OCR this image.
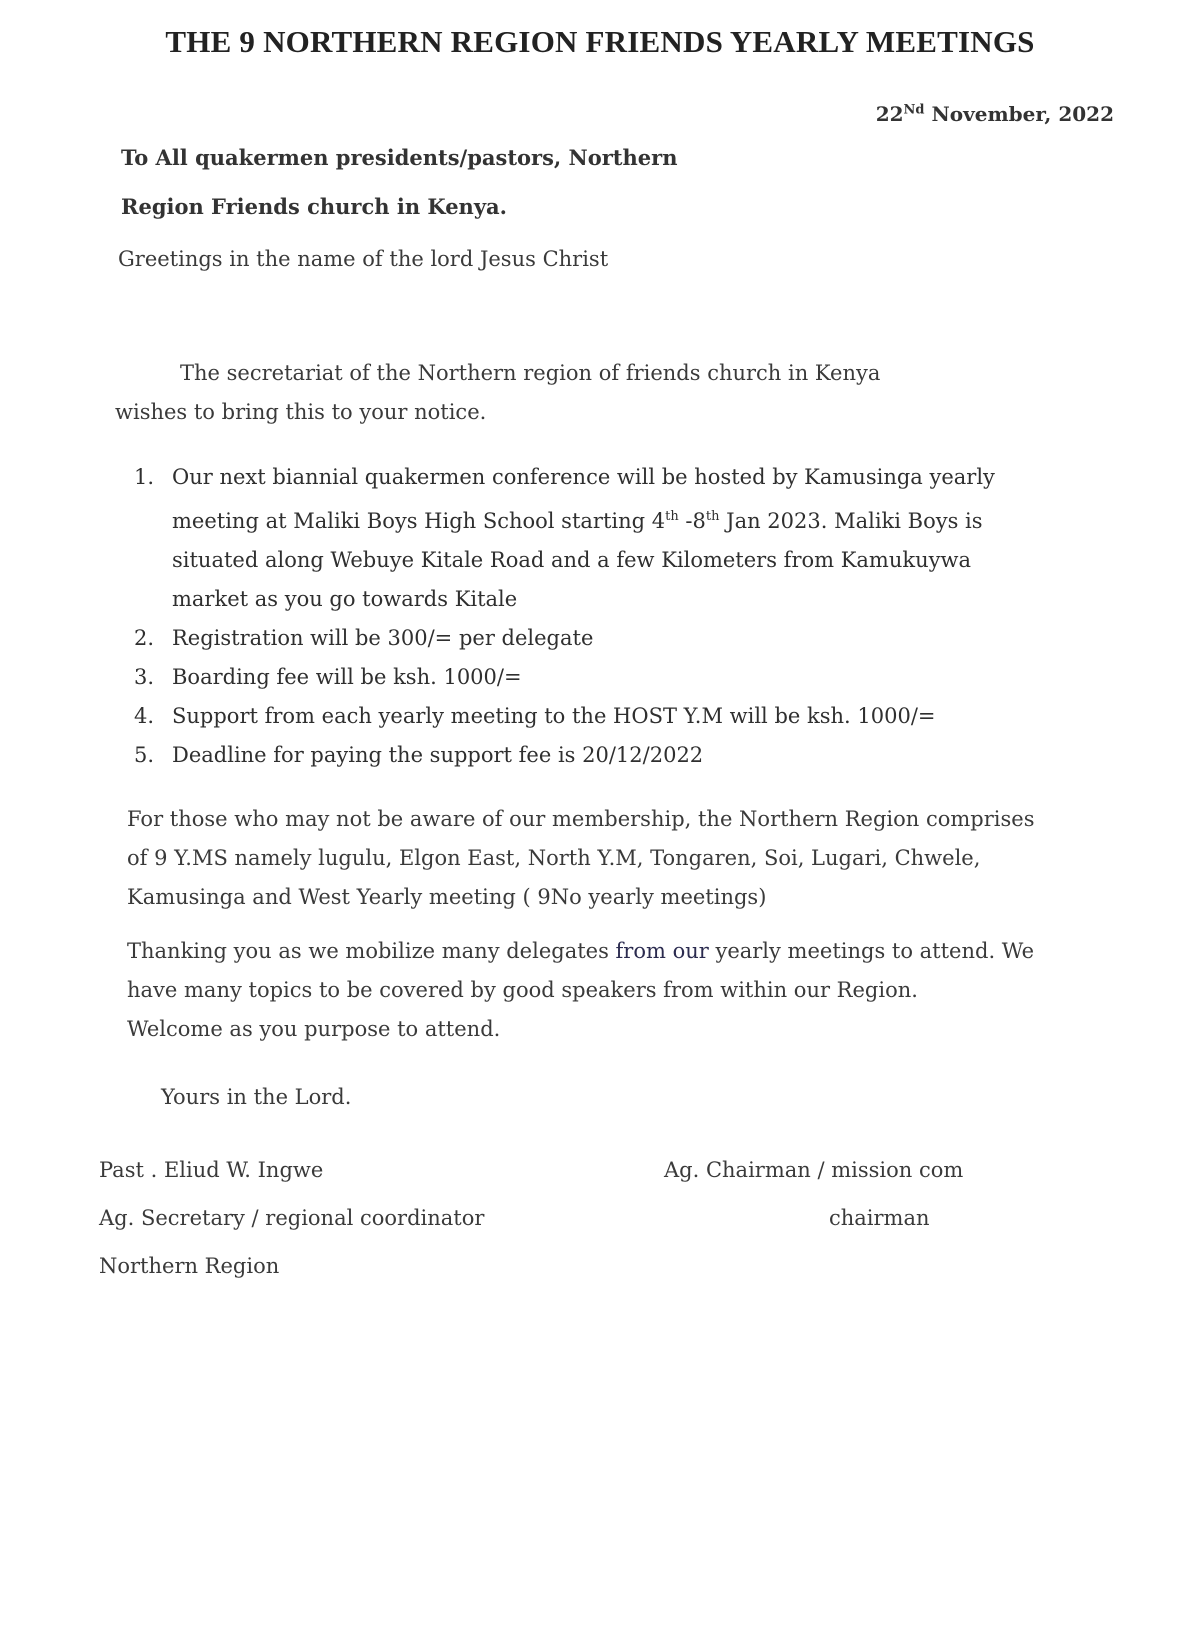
THE 9 NORTHERN REGION FRIENDS YEARLY MEETINGS
22Nd November, 2022
To All quakermen presidents/pastors, Northern
Region Friends church in Kenya.
Greetings in the name of the lord Jesus Christ
The secretariat of the Northern region of friends church in Kenya
wishes to bring this to your notice.
1. Our next biannial quakermen conference will be hosted by Kamusinga yearly
meeting at Maliki Boys High School starting 4th -8th Jan 2023. Maliki Boys is
situated along Webuye Kitale Road and a few Kilometers from Kamukuywa
market as you go towards Kitale
2. Registration will be 300/= per delegate
3. Boarding fee will be ksh. 1000/=
4. Support from each yearly meeting to the HOST Y.M will be ksh. 1000/=
5. Deadline for paying the support fee is 20/12/2022
For those who may not be aware of our membership, the Northern Region comprises
of 9 Y.MS namely lugulu, Elgon East, North Y.M, Tongaren, Soi, Lugari, Chwele,
Kamusinga and West Yearly meeting ( 9No yearly meetings)
Thanking you as we mobilize many delegates from our yearly meetings to attend. We
have many topics to be covered by good speakers from within our Region.
Welcome as you purpose to attend.
Yours in the Lord.
Past . Eliud W. Ingwe
Ag. Secretary / regional coordinator
Northern Region
Ag. Chairman / mission com
chairman
